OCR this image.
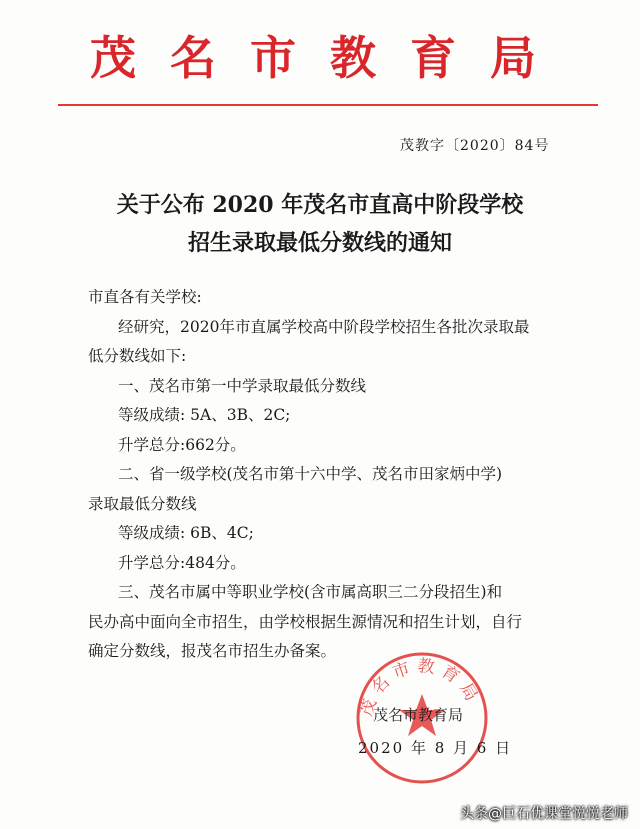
茂名市教育局
茂教字〔2020〕84号
关于公布 2020 年茂名市直高中阶段学校
招生录取最低分数线的通知

市直各有关学校:

经研究，2020年市直属学校高中阶段学校招生各批次录取最

低分数线如下:

一、茂名市第一中学录取最低分数线

等级成绩: 5A、3B、2C;

升学总分:662分。

二、省一级学校(茂名市第十六中学、茂名市田家炳中学)

录取最低分数线

等级成绩: 6B、4C;

升学总分:484分。

三、茂名市属中等职业学校(含市属高职三二分段招生)和

民办高中面向全市招生，由学校根据生源情况和招生计划，自行

确定分数线，报茂名市招生办备案。

茂名市教育局
茂名市教育局
2020 年 8 月 6 日
头条@巨石优课堂悦悦老师
